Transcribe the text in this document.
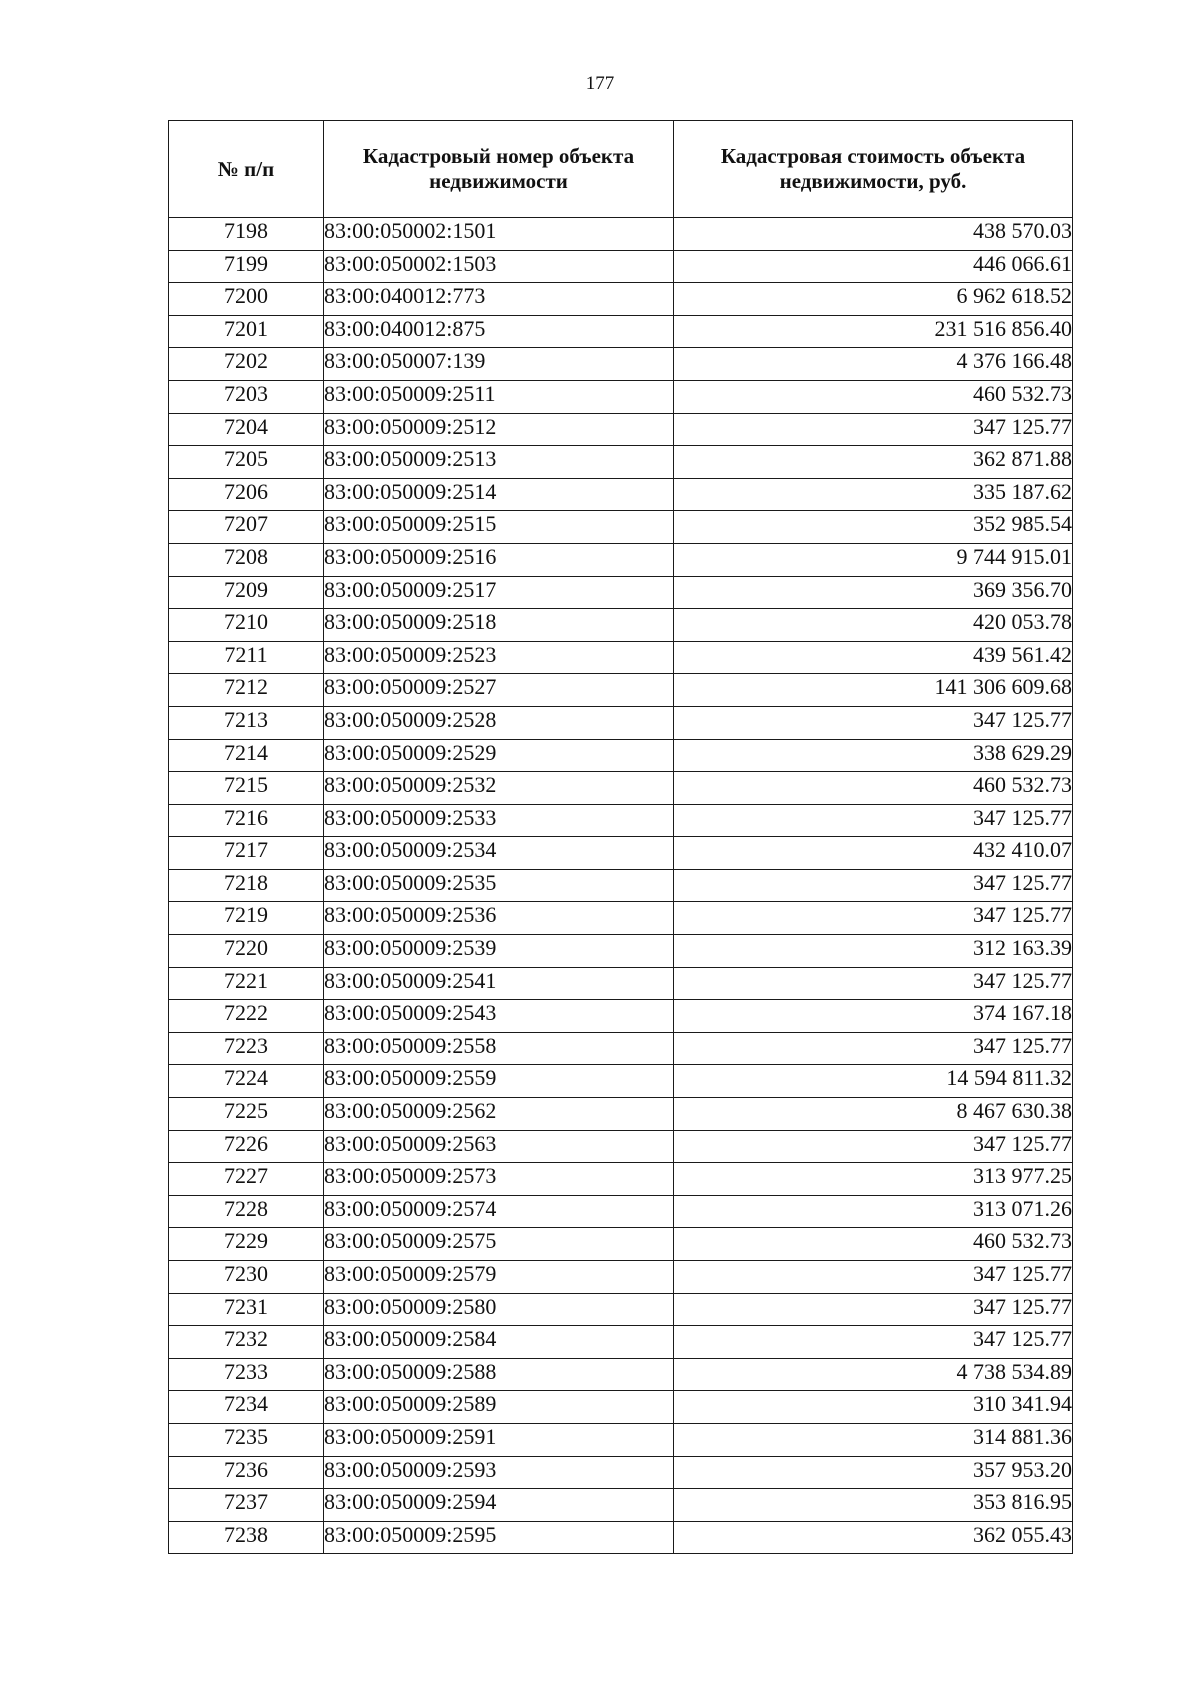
177
№ п/п	Кадастровый номер объекта недвижимости	Кадастровая стоимость объекта недвижимости, руб.
7198	83:00:050002:1501	438 570.03
7199	83:00:050002:1503	446 066.61
7200	83:00:040012:773	6 962 618.52
7201	83:00:040012:875	231 516 856.40
7202	83:00:050007:139	4 376 166.48
7203	83:00:050009:2511	460 532.73
7204	83:00:050009:2512	347 125.77
7205	83:00:050009:2513	362 871.88
7206	83:00:050009:2514	335 187.62
7207	83:00:050009:2515	352 985.54
7208	83:00:050009:2516	9 744 915.01
7209	83:00:050009:2517	369 356.70
7210	83:00:050009:2518	420 053.78
7211	83:00:050009:2523	439 561.42
7212	83:00:050009:2527	141 306 609.68
7213	83:00:050009:2528	347 125.77
7214	83:00:050009:2529	338 629.29
7215	83:00:050009:2532	460 532.73
7216	83:00:050009:2533	347 125.77
7217	83:00:050009:2534	432 410.07
7218	83:00:050009:2535	347 125.77
7219	83:00:050009:2536	347 125.77
7220	83:00:050009:2539	312 163.39
7221	83:00:050009:2541	347 125.77
7222	83:00:050009:2543	374 167.18
7223	83:00:050009:2558	347 125.77
7224	83:00:050009:2559	14 594 811.32
7225	83:00:050009:2562	8 467 630.38
7226	83:00:050009:2563	347 125.77
7227	83:00:050009:2573	313 977.25
7228	83:00:050009:2574	313 071.26
7229	83:00:050009:2575	460 532.73
7230	83:00:050009:2579	347 125.77
7231	83:00:050009:2580	347 125.77
7232	83:00:050009:2584	347 125.77
7233	83:00:050009:2588	4 738 534.89
7234	83:00:050009:2589	310 341.94
7235	83:00:050009:2591	314 881.36
7236	83:00:050009:2593	357 953.20
7237	83:00:050009:2594	353 816.95
7238	83:00:050009:2595	362 055.43
